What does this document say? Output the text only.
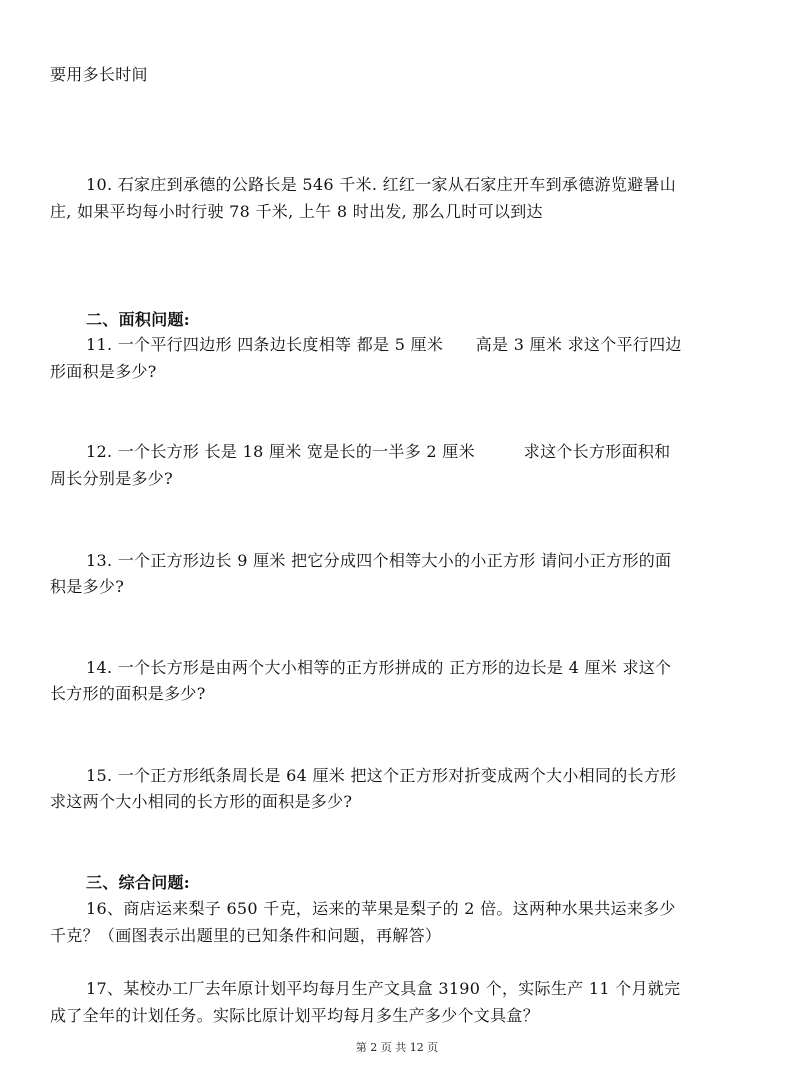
要用多长时间
10. 石家庄到承德的公路长是 546 千米. 红红一家从石家庄开车到承德游览避暑山
庄, 如果平均每小时行驶 78 千米, 上午 8 时出发, 那么几时可以到达
二、面积问题:
11. 一个平行四边形 四条边长度相等 都是 5 厘米　　高是 3 厘米 求这个平行四边
形面积是多少?
12. 一个长方形 长是 18 厘米 宽是长的一半多 2 厘米　　　求这个长方形面积和
周长分别是多少?
13. 一个正方形边长 9 厘米 把它分成四个相等大小的小正方形 请问小正方形的面
积是多少?
14. 一个长方形是由两个大小相等的正方形拼成的 正方形的边长是 4 厘米 求这个
长方形的面积是多少?
15. 一个正方形纸条周长是 64 厘米 把这个正方形对折变成两个大小相同的长方形
求这两个大小相同的长方形的面积是多少?
三、综合问题:
16、商店运来梨子 650 千克，运来的苹果是梨子的 2 倍。这两种水果共运来多少
千克？（画图表示出题里的已知条件和问题，再解答）
17、某校办工厂去年原计划平均每月生产文具盒 3190 个，实际生产 11 个月就完
成了全年的计划任务。实际比原计划平均每月多生产多少个文具盒？
第 2 页 共 12 页
